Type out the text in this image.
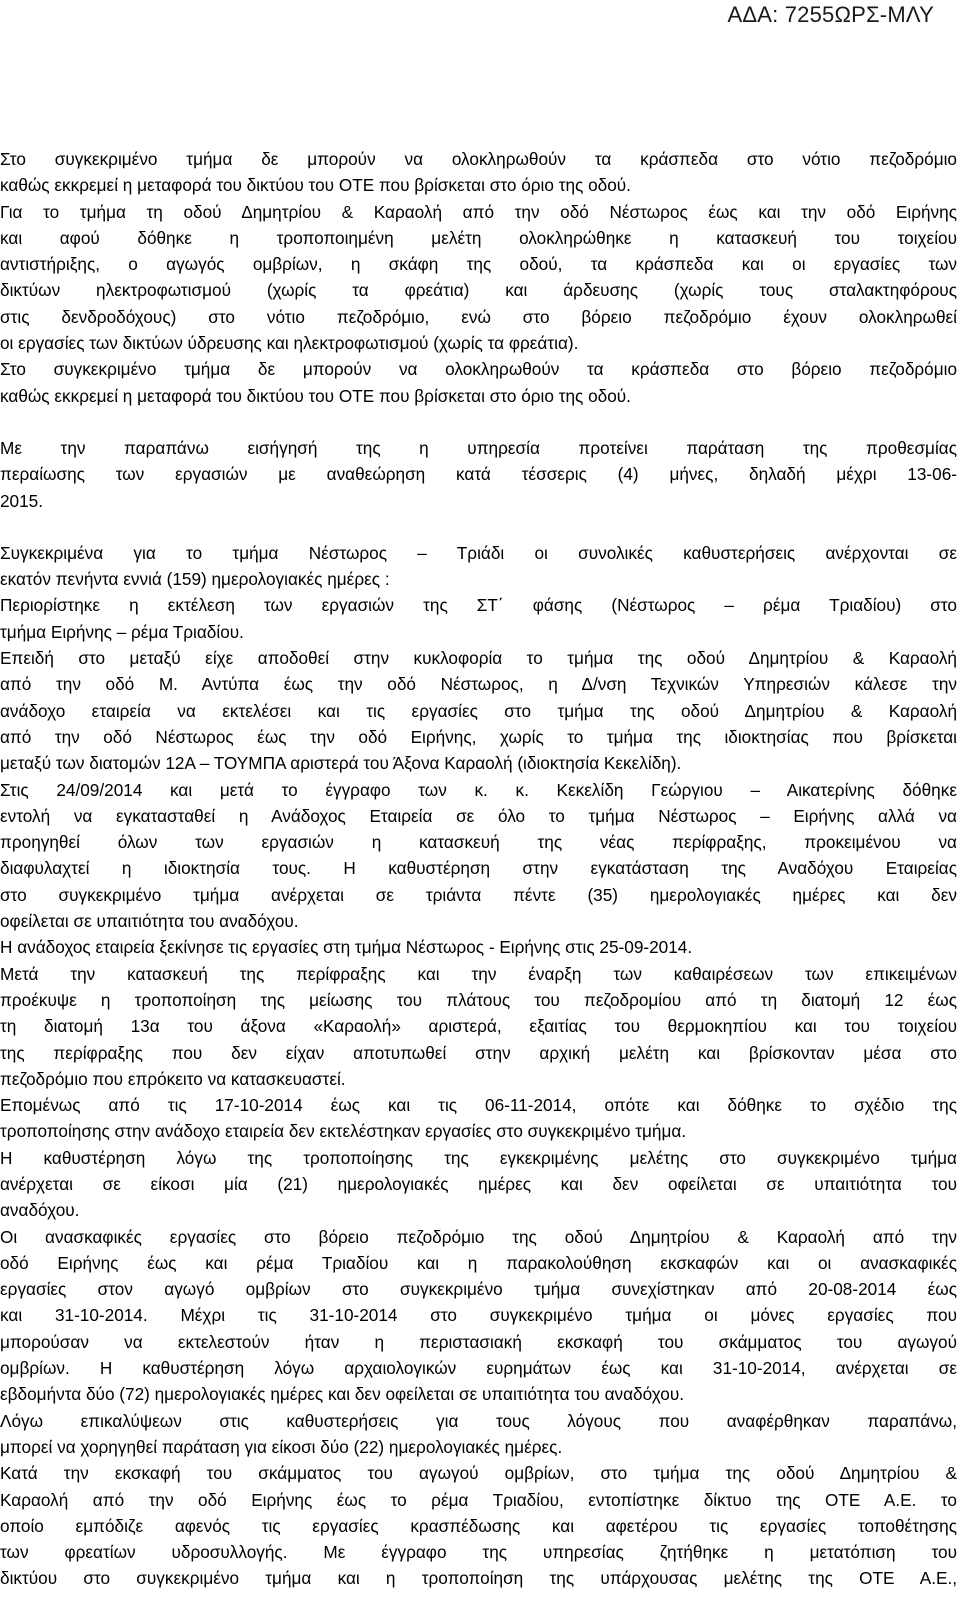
ΑΔΑ: 7255ΩΡΣ-ΜΛΥ

Στο συγκεκριμένο τμήμα δε μπορούν να ολοκληρωθούν τα κράσπεδα στο νότιο πεζοδρόμιο

καθώς εκκρεμεί η μεταφορά του δικτύου του ΟΤΕ που βρίσκεται στο όριο της οδού.

Για το τμήμα τη οδού Δημητρίου & Καραολή από την οδό Νέστωρος έως και την οδό Ειρήνης

και αφού δόθηκε η τροποποιημένη μελέτη ολοκληρώθηκε η κατασκευή του τοιχείου

αντιστήριξης, ο αγωγός ομβρίων, η σκάφη της οδού, τα κράσπεδα και οι εργασίες των

δικτύων ηλεκτροφωτισμού (χωρίς τα φρεάτια) και άρδευσης (χωρίς τους σταλακτηφόρους

στις δενδροδόχους) στο νότιο πεζοδρόμιο, ενώ στο βόρειο πεζοδρόμιο έχουν ολοκληρωθεί

οι εργασίες των δικτύων ύδρευσης και ηλεκτροφωτισμού (χωρίς τα φρεάτια).

Στο συγκεκριμένο τμήμα δε μπορούν να ολοκληρωθούν τα κράσπεδα στο βόρειο πεζοδρόμιο

καθώς εκκρεμεί η μεταφορά του δικτύου του ΟΤΕ που βρίσκεται στο όριο της οδού.

Με την παραπάνω εισήγησή της η υπηρεσία προτείνει παράταση της προθεσμίας

περαίωσης των εργασιών με αναθεώρηση κατά τέσσερις (4) μήνες, δηλαδή μέχρι 13-06-

2015.

Συγκεκριμένα για το τμήμα Νέστωρος – Τριάδι οι συνολικές καθυστερήσεις ανέρχονται σε

εκατόν πενήντα εννιά (159) ημερολογιακές ημέρες :

Περιορίστηκε η εκτέλεση των εργασιών της ΣΤ΄ φάσης (Νέστωρος – ρέμα Τριαδίου) στο

τμήμα Ειρήνης – ρέμα Τριαδίου.

Επειδή στο μεταξύ είχε αποδοθεί στην κυκλοφορία το τμήμα της οδού Δημητρίου & Καραολή

από την οδό Μ. Αντύπα έως την οδό Νέστωρος, η Δ/νση Τεχνικών Υπηρεσιών κάλεσε την

ανάδοχο εταιρεία να εκτελέσει και τις εργασίες στο τμήμα της οδού Δημητρίου & Καραολή

από την οδό Νέστωρος έως την οδό Ειρήνης, χωρίς το τμήμα της ιδιοκτησίας που βρίσκεται

μεταξύ των διατομών 12Α – ΤΟΥΜΠΑ αριστερά του Άξονα Καραολή (ιδιοκτησία Κεκελίδη).

Στις 24/09/2014 και μετά το έγγραφο των κ. κ. Κεκελίδη Γεώργιου – Αικατερίνης δόθηκε

εντολή να εγκατασταθεί η Ανάδοχος Εταιρεία σε όλο το τμήμα Νέστωρος – Ειρήνης αλλά να

προηγηθεί όλων των εργασιών η κατασκευή της νέας περίφραξης, προκειμένου να

διαφυλαχτεί η ιδιοκτησία τους. Η καθυστέρηση στην εγκατάσταση της Αναδόχου Εταιρείας

στο συγκεκριμένο τμήμα ανέρχεται σε τριάντα πέντε (35) ημερολογιακές ημέρες και δεν

οφείλεται σε υπαιτιότητα του αναδόχου.

Η ανάδοχος εταιρεία ξεκίνησε τις εργασίες στη τμήμα Νέστωρος - Ειρήνης στις 25-09-2014.

Μετά την κατασκευή της περίφραξης και την έναρξη των καθαιρέσεων των επικειμένων

προέκυψε η τροποποίηση της μείωσης του πλάτους του πεζοδρομίου από τη διατομή 12 έως

τη διατομή 13α του άξονα «Καραολή» αριστερά, εξαιτίας του θερμοκηπίου και του τοιχείου

της περίφραξης που δεν είχαν αποτυπωθεί στην αρχική μελέτη και βρίσκονταν μέσα στο

πεζοδρόμιο που επρόκειτο να κατασκευαστεί.

Επομένως από τις 17-10-2014 έως και τις 06-11-2014, οπότε και δόθηκε το σχέδιο της

τροποποίησης στην ανάδοχο εταιρεία δεν εκτελέστηκαν εργασίες στο συγκεκριμένο τμήμα.

Η καθυστέρηση λόγω της τροποποίησης της εγκεκριμένης μελέτης στο συγκεκριμένο τμήμα

ανέρχεται σε είκοσι μία (21) ημερολογιακές ημέρες και δεν οφείλεται σε υπαιτιότητα του

αναδόχου.

Οι ανασκαφικές εργασίες στο βόρειο πεζοδρόμιο της οδού Δημητρίου & Καραολή από την

οδό Ειρήνης έως και ρέμα Τριαδίου και η παρακολούθηση εκσκαφών και οι ανασκαφικές

εργασίες στον αγωγό ομβρίων στο συγκεκριμένο τμήμα συνεχίστηκαν από 20-08-2014 έως

και 31-10-2014. Μέχρι τις 31-10-2014 στο συγκεκριμένο τμήμα οι μόνες εργασίες που

μπορούσαν να εκτελεστούν ήταν η περιστασιακή εκσκαφή του σκάμματος του αγωγού

ομβρίων. Η καθυστέρηση λόγω αρχαιολογικών ευρημάτων έως και 31-10-2014, ανέρχεται σε

εβδομήντα δύο (72) ημερολογιακές ημέρες και δεν οφείλεται σε υπαιτιότητα του αναδόχου.

Λόγω επικαλύψεων στις καθυστερήσεις για τους λόγους που αναφέρθηκαν παραπάνω,

μπορεί να χορηγηθεί παράταση για είκοσι δύο (22) ημερολογιακές ημέρες.

Κατά την εκσκαφή του σκάμματος του αγωγού ομβρίων, στο τμήμα της οδού Δημητρίου &

Καραολή από την οδό Ειρήνης έως το ρέμα Τριαδίου, εντοπίστηκε δίκτυο της ΟΤΕ Α.Ε. το

οποίο εμπόδιζε αφενός τις εργασίες κρασπέδωσης και αφετέρου τις εργασίες τοποθέτησης

των φρεατίων υδροσυλλογής. Με έγγραφο της υπηρεσίας ζητήθηκε η μετατόπιση του

δικτύου στο συγκεκριμένο τμήμα και η τροποποίηση της υπάρχουσας μελέτης της ΟΤΕ Α.Ε.,
